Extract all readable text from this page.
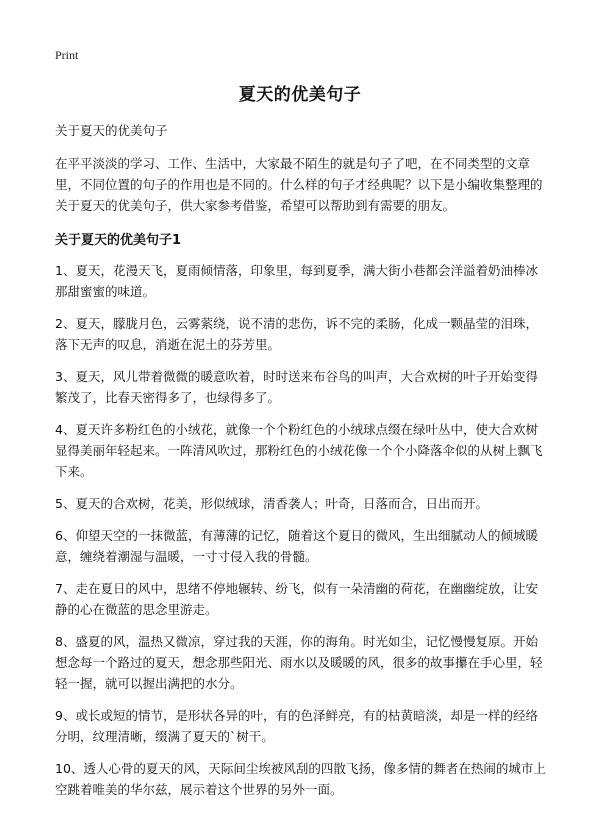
Print
夏天的优美句子

关于夏天的优美句子

在平平淡淡的学习、工作、生活中，大家最不陌生的就是句子了吧，在不同类型的文章里，不同位置的句子的作用也是不同的。什么样的句子才经典呢？以下是小编收集整理的关于夏天的优美句子，供大家参考借鉴，希望可以帮助到有需要的朋友。

关于夏天的优美句子1

1、夏天，花漫天飞，夏雨倾情落，印象里，每到夏季，满大街小巷都会洋溢着奶油棒冰那甜蜜蜜的味道。

2、夏天，朦胧月色，云雾萦绕，说不清的悲伤，诉不完的柔肠，化成一颗晶莹的泪珠，落下无声的叹息，消逝在泥土的芬芳里。

3、夏天，风儿带着微微的暖意吹着，时时送来布谷鸟的叫声，大合欢树的叶子开始变得繁茂了，比春天密得多了，也绿得多了。

4、夏天许多粉红色的小绒花，就像一个个粉红色的小绒球点缀在绿叶丛中，使大合欢树显得美丽年轻起来。一阵清风吹过，那粉红色的小绒花像一个个小降落伞似的从树上飘飞下来。

5、夏天的合欢树，花美，形似绒球，清香袭人；叶奇，日落而合，日出而开。

6、仰望天空的一抹微蓝，有薄薄的记忆，随着这个夏日的微风，生出细腻动人的倾城暖意，缠绕着潮湿与温暖，一寸寸侵入我的骨髓。

7、走在夏日的风中，思绪不停地辗转、纷飞，似有一朵清幽的荷花，在幽幽绽放，让安静的心在微蓝的思念里游走。

8、盛夏的风，温热又微凉，穿过我的天涯，你的海角。时光如尘，记忆慢慢复原。开始想念每一个路过的夏天，想念那些阳光、雨水以及暖暖的风，很多的故事攥在手心里，轻轻一握，就可以握出满把的水分。

9、或长或短的情节，是形状各异的叶，有的色泽鲜亮，有的枯黄暗淡，却是一样的经络分明，纹理清晰，缀满了夏天的`树干。

10、透人心骨的夏天的风，天际间尘埃被风刮的四散飞扬，像多情的舞者在热闹的城市上空跳着唯美的华尔兹，展示着这个世界的另外一面。
